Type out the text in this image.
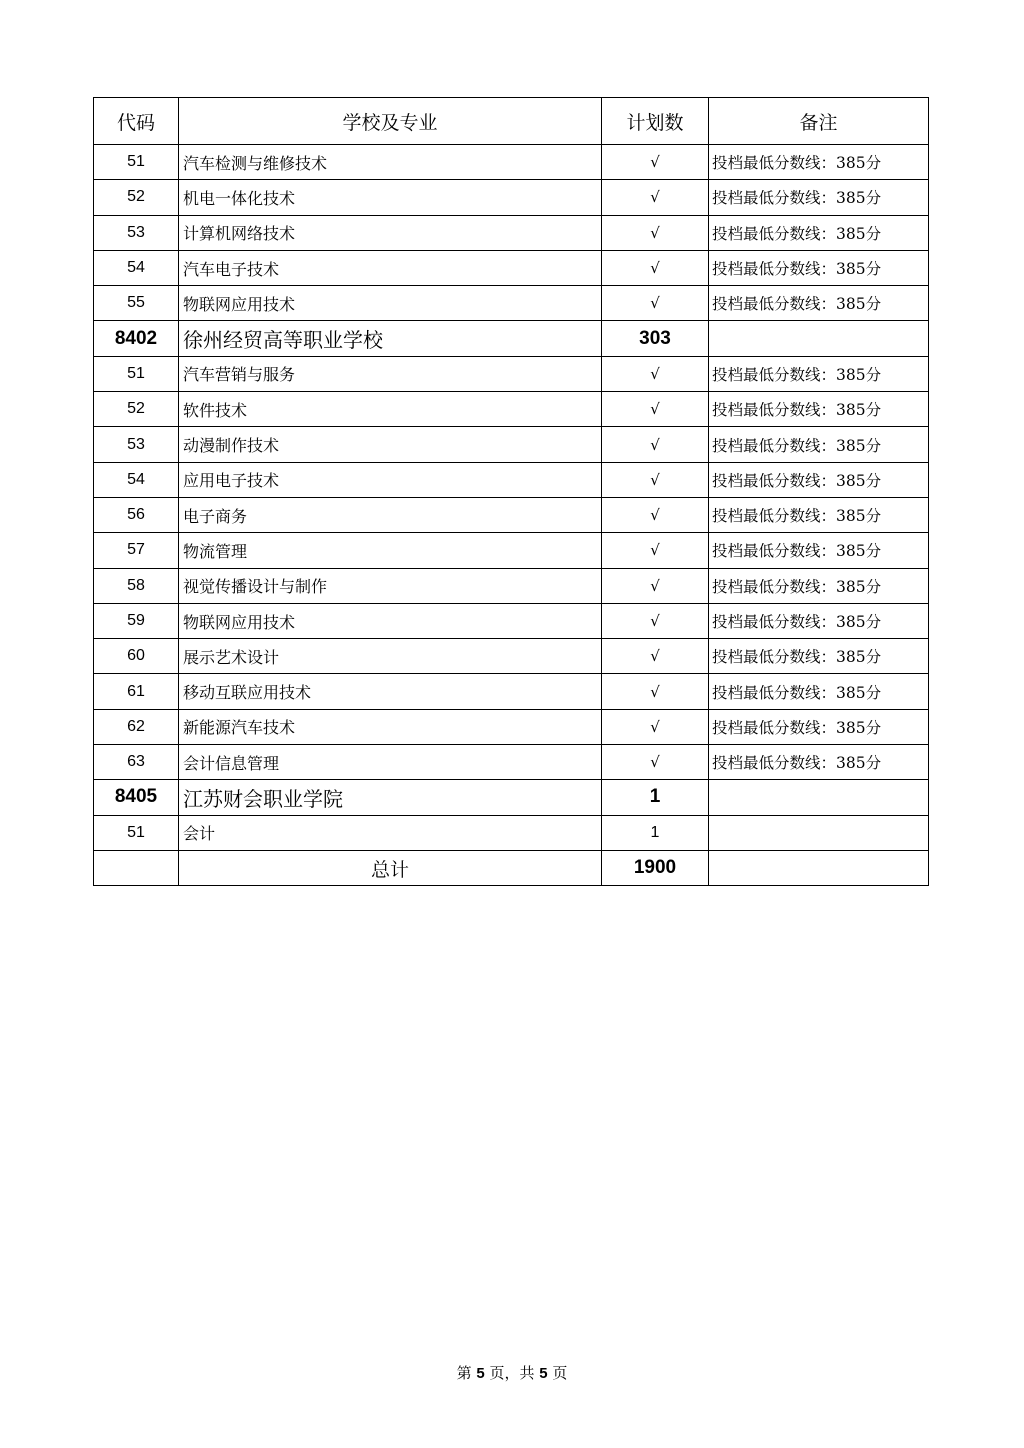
代码	学校及专业	计划数	备注
51	汽车检测与维修技术	√	投档最低分数线：385分
52	机电一体化技术	√	投档最低分数线：385分
53	计算机网络技术	√	投档最低分数线：385分
54	汽车电子技术	√	投档最低分数线：385分
55	物联网应用技术	√	投档最低分数线：385分
8402	徐州经贸高等职业学校	303	
51	汽车营销与服务	√	投档最低分数线：385分
52	软件技术	√	投档最低分数线：385分
53	动漫制作技术	√	投档最低分数线：385分
54	应用电子技术	√	投档最低分数线：385分
56	电子商务	√	投档最低分数线：385分
57	物流管理	√	投档最低分数线：385分
58	视觉传播设计与制作	√	投档最低分数线：385分
59	物联网应用技术	√	投档最低分数线：385分
60	展示艺术设计	√	投档最低分数线：385分
61	移动互联应用技术	√	投档最低分数线：385分
62	新能源汽车技术	√	投档最低分数线：385分
63	会计信息管理	√	投档最低分数线：385分
8405	江苏财会职业学院	1	
51	会计	1	
	总计	1900	
第 5 页，共 5 页
